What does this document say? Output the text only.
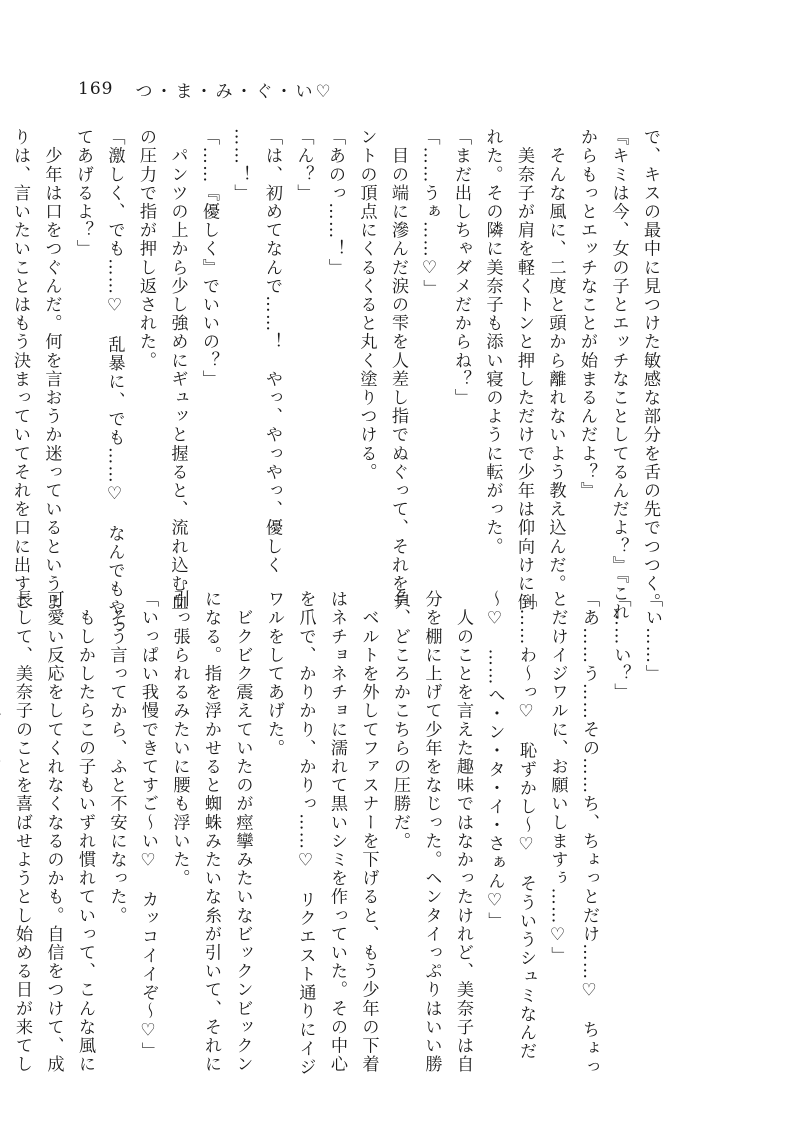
169 つ・ま・み・ぐ・い♡
で、キスの最中に見つけた敏感な部分を舌の先でつつく。
『キミは今、女の子とエッチなことしてるんだよ？』『これ
からもっとエッチなことが始まるんだよ？』
　そんな風に、二度と頭から離れないよう教え込んだ。
　美奈子が肩を軽くトンと押しただけで少年は仰向けに倒
れた。その隣に美奈子も添い寝のように転がった。
「まだ出しちゃダメだからね？」
「……うぁ……♡」
　目の端に滲んだ涙の雫を人差し指でぬぐって、それをテ
ントの頂点にくるくると丸く塗りつける。
「あのっ……！」
「ん？」
「は、初めてなんで……！　やっ、やっやっ、優しく
……！」
「……『優しく』でいいの？」
　パンツの上から少し強めにギュッと握ると、流れ込む血
の圧力で指が押し返された。
「激しく、でも……♡　乱暴に、でも……♡　なんでもやっ
てあげるよ？」
　少年は口をつぐんだ。何を言おうか迷っているというよ
りは、言いたいことはもう決まっていてそれを口に出すこ
「い……」
「……い？」
「あ……う……その……ち、ちょっとだけ……♡　ちょっ
とだけイジワルに、お願いしますぅ……♡」
「……わ～っ♡　恥ずかし～♡　そういうシュミなんだ
～♡　……へ・ン・タ・イ・さぁん♡」
　人のことを言えた趣味ではなかったけれど、美奈子は自
分を棚に上げて少年をなじった。ヘンタイっぷりはいい勝
負、どころかこちらの圧勝だ。
　ベルトを外してファスナーを下げると、もう少年の下着
はネチョネチョに濡れて黒いシミを作っていた。その中心
を爪で、かりかり、かりっ……♡　リクエスト通りにイジ
ワルをしてあげた。
　ビクビク震えていたのが痙攣みたいなビックンビックン
になる。指を浮かせると蜘蛛みたいな糸が引いて、それに
引っ張られるみたいに腰も浮いた。
「いっぱい我慢できてすご～い♡　カッコイイぞ～♡」
　そう言ってから、ふと不安になった。
　もしかしたらこの子もいずれ慣れていって、こんな風に
可愛い反応をしてくれなくなるのかも。自信をつけて、成
長して、美奈子のことを喜ばせようとし始める日が来てし
